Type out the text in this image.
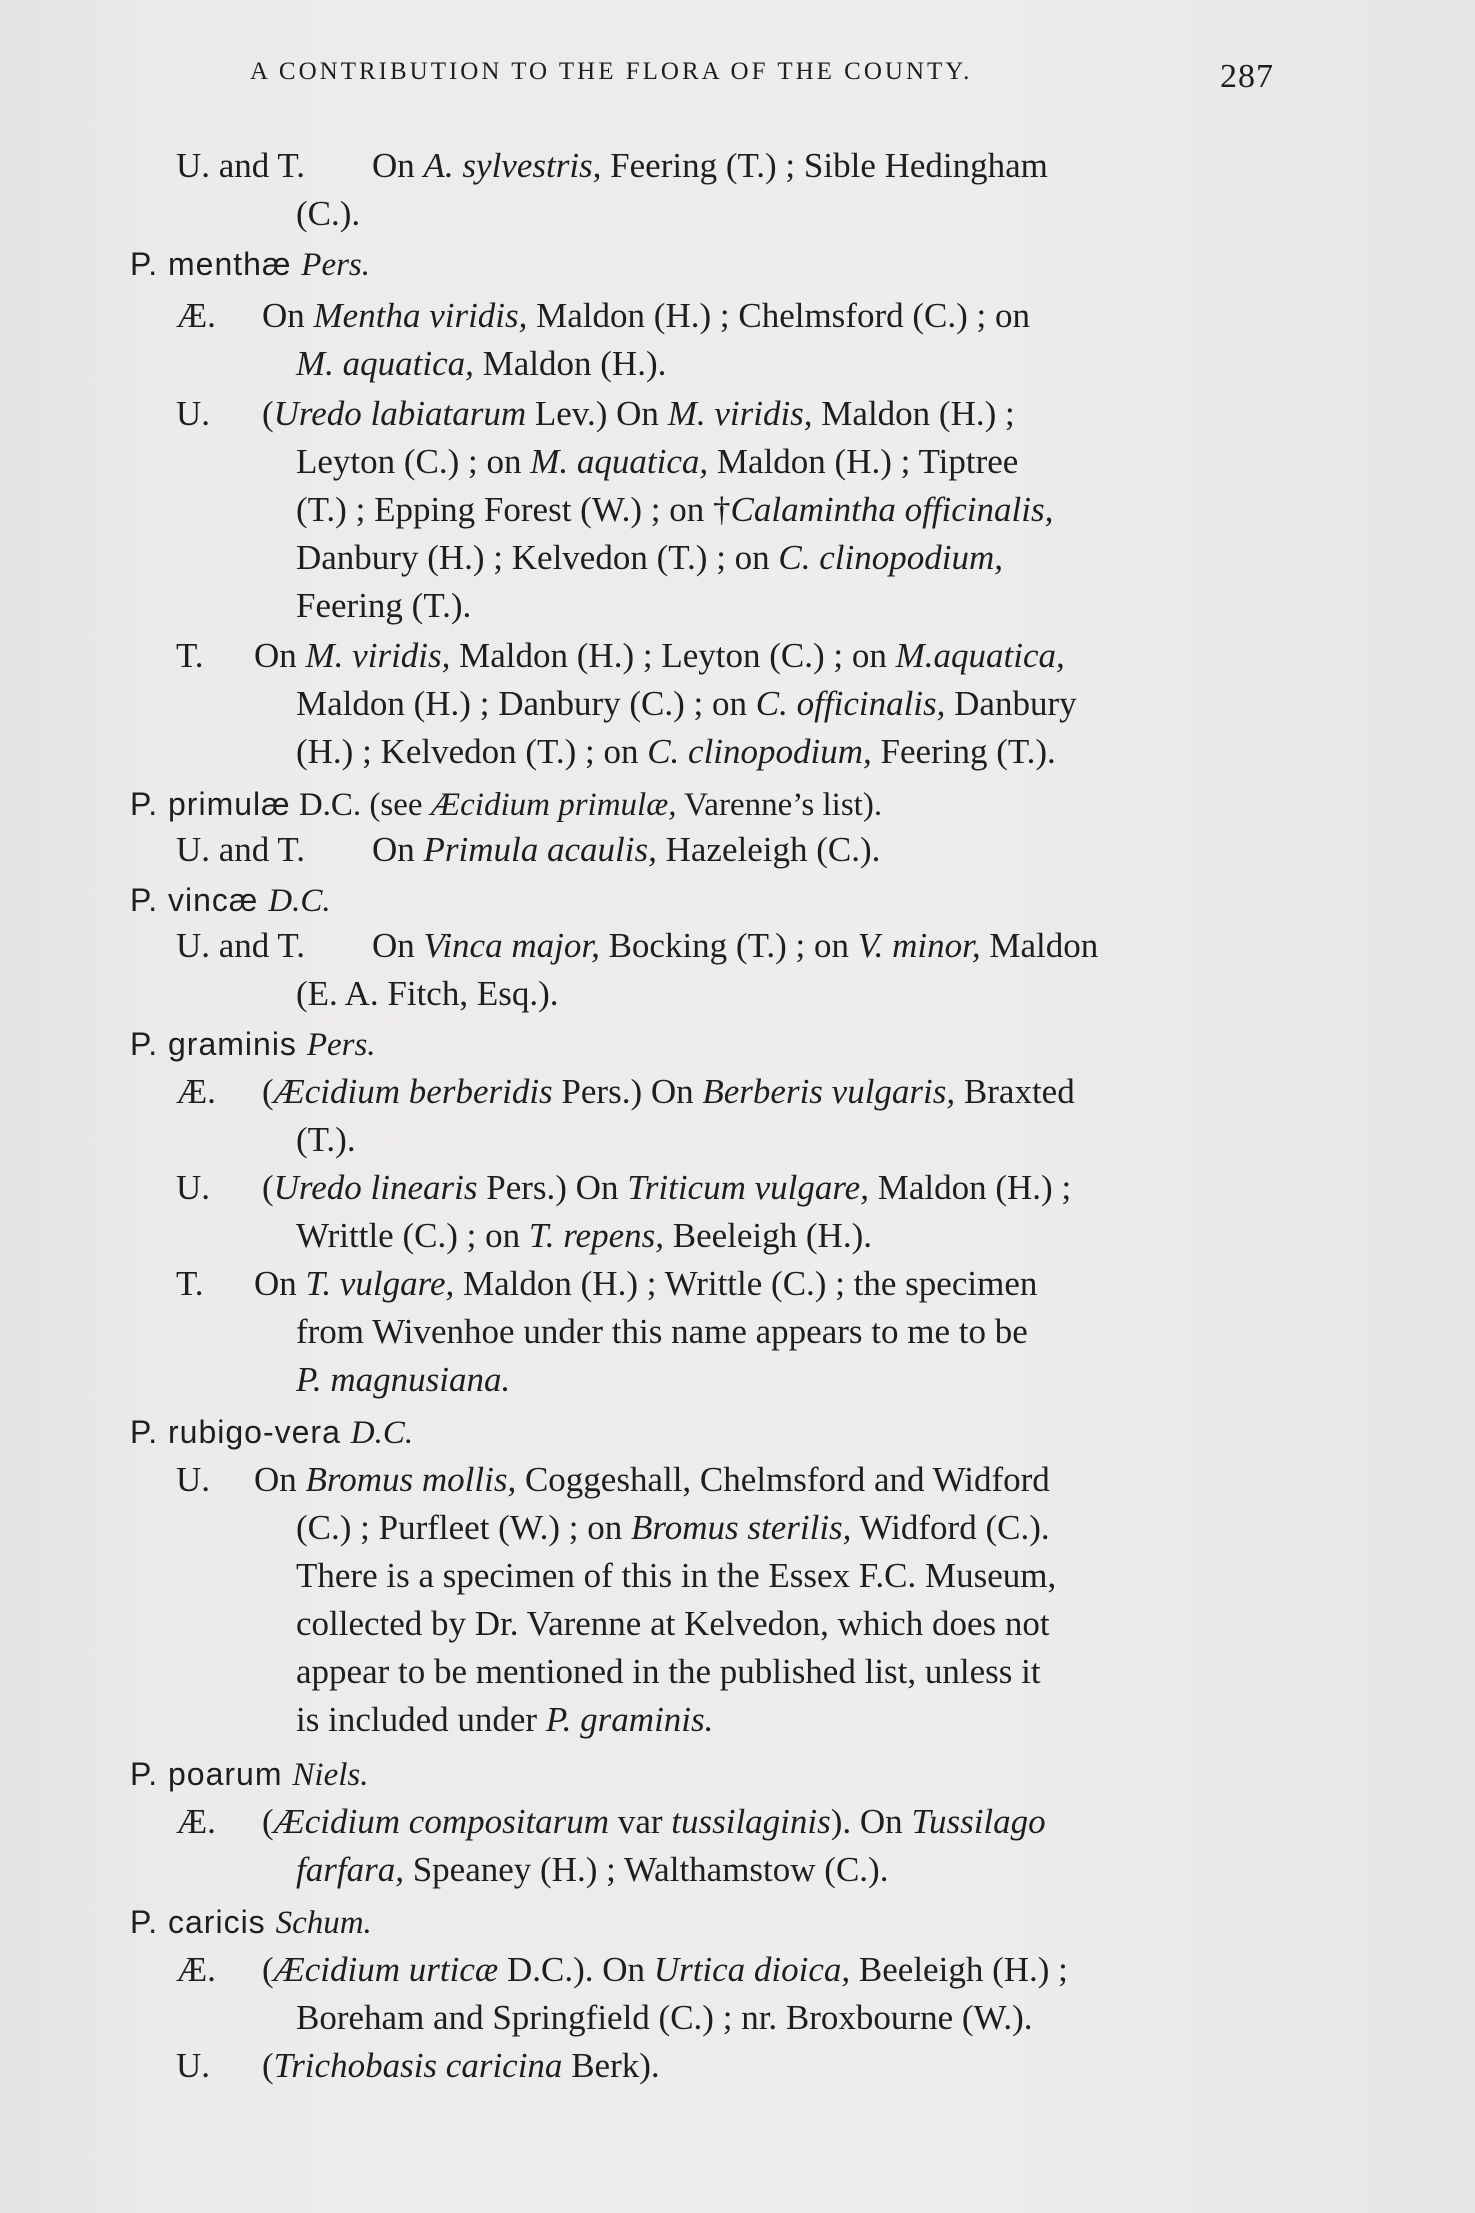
A CONTRIBUTION TO THE FLORA OF THE COUNTY.	287
U. and T. On A. sylvestris, Feering (T.) ; Sible Hedingham
(C.).
P. menthæ Pers.
Æ. On Mentha viridis, Maldon (H.) ; Chelmsford (C.) ; on
M. aquatica, Maldon (H.).
U. (Uredo labiatarum Lev.) On M. viridis, Maldon (H.) ;
Leyton (C.) ; on M. aquatica, Maldon (H.) ; Tiptree
(T.) ; Epping Forest (W.) ; on †Calamintha officinalis,
Danbury (H.) ; Kelvedon (T.) ; on C. clinopodium,
Feering (T.).
T. On M. viridis, Maldon (H.) ; Leyton (C.) ; on M.aquatica,
Maldon (H.) ; Danbury (C.) ; on C. officinalis, Danbury
(H.) ; Kelvedon (T.) ; on C. clinopodium, Feering (T.).
P. primulæ D.C. (see Æcidium primulæ, Varenne’s list).
U. and T. On Primula acaulis, Hazeleigh (C.).
P. vincæ D.C.
U. and T. On Vinca major, Bocking (T.) ; on V. minor, Maldon
(E. A. Fitch, Esq.).
P. graminis Pers.
Æ. (Æcidium berberidis Pers.) On Berberis vulgaris, Braxted
(T.).
U. (Uredo linearis Pers.) On Triticum vulgare, Maldon (H.) ;
Writtle (C.) ; on T. repens, Beeleigh (H.).
T. On T. vulgare, Maldon (H.) ; Writtle (C.) ; the specimen
from Wivenhoe under this name appears to me to be
P. magnusiana.
P. rubigo-vera D.C.
U. On Bromus mollis, Coggeshall, Chelmsford and Widford
(C.) ; Purfleet (W.) ; on Bromus sterilis, Widford (C.).
There is a specimen of this in the Essex F.C. Museum,
collected by Dr. Varenne at Kelvedon, which does not
appear to be mentioned in the published list, unless it
is included under P. graminis.
P. poarum Niels.
Æ. (Æcidium compositarum var tussilaginis). On Tussilago
farfara, Speaney (H.) ; Walthamstow (C.).
P. caricis Schum.
Æ. (Æcidium urticæ D.C.). On Urtica dioica, Beeleigh (H.) ;
Boreham and Springfield (C.) ; nr. Broxbourne (W.).
U. (Trichobasis caricina Berk).
